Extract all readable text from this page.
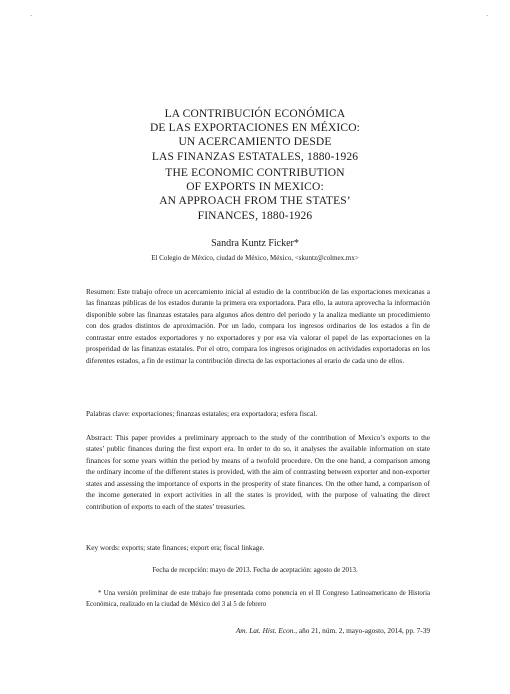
´	`
LA CONTRIBUCIÓN ECONÓMICA
DE LAS EXPORTACIONES EN MÉXICO:
UN ACERCAMIENTO DESDE
LAS FINANZAS ESTATALES, 1880-1926
THE ECONOMIC CONTRIBUTION
OF EXPORTS IN MEXICO:
AN APPROACH FROM THE STATES’
FINANCES, 1880-1926
Sandra Kuntz Ficker*
El Colegio de México, ciudad de México, México, <skuntz@colmex.mx>
Resumen: Este trabajo ofrece un acercamiento inicial al estudio de la contribución de las exportaciones mexicanas a las finanzas públicas de los estados durante la primera era exportadora. Para ello, la autora aprovecha la información disponible sobre las finanzas estatales para algunos años dentro del periodo y la analiza mediante un procedimiento con dos grados distintos de aproximación. Por un lado, compara los ingresos ordinarios de los estados a fin de contrastar entre estados exportadores y no exportadores y por esa vía valorar el papel de las exportaciones en la prosperidad de las finanzas estatales. Por el otro, compara los ingresos originados en actividades exportadoras en los diferentes estados, a fin de estimar la contribución directa de las exportaciones al erario de cada uno de ellos.
Palabras clave: exportaciones; finanzas estatales; era exportadora; esfera fiscal.
Abstract: This paper provides a preliminary approach to the study of the contribution of Mexico’s exports to the states’ public finances during the first export era. In order to do so, it analyses the available information on state finances for some years within the period by means of a twofold procedure. On the one hand, a comparison among the ordinary income of the different states is provided, with the aim of contrasting between exporter and non-exporter states and assessing the importance of exports in the prosperity of state finances. On the other hand, a comparison of the income generated in export activities in all the states is provided, with the purpose of valuating the direct contribution of exports to each of the states’ treasuries.
Key words: exports; state finances; export era; fiscal linkage.
Fecha de recepción: mayo de 2013. Fecha de aceptación: agosto de 2013.
* Una versión preliminar de este trabajo fue presentada como ponencia en el II Congreso Latinoamericano de Historia Económica, realizado en la ciudad de México del 3 al 5 de febrero
Am. Lat. Hist. Econ., año 21, núm. 2, mayo-agosto, 2014, pp. 7-39
